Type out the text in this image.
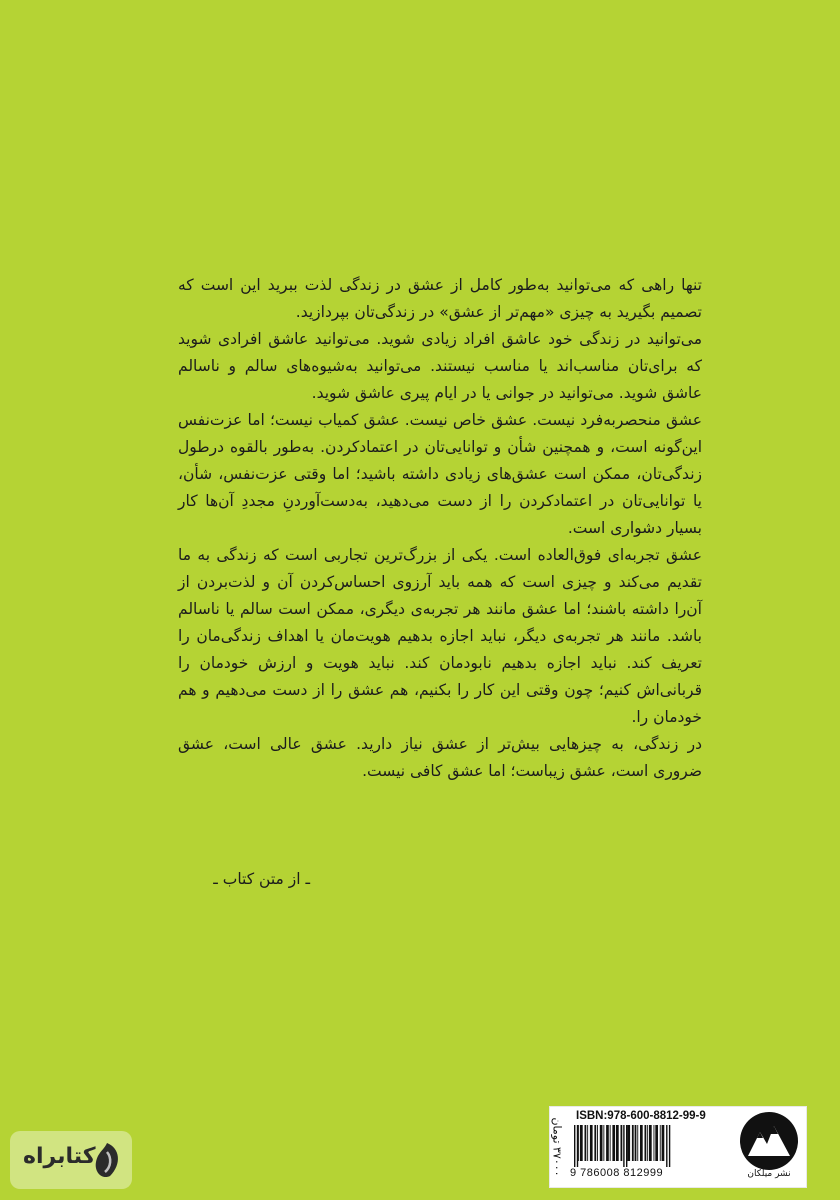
تنها راهی که می‌توانید به‌طور کامل از عشق در زندگی لذت ببرید این است که تصمیم بگیرید به چیزی «مهم‌تر از عشق» در زندگی‌تان بپردازید.

می‌توانید در زندگی خود عاشق افراد زیادی شوید. می‌توانید عاشق افرادی شوید که برای‌تان مناسب‌اند یا مناسب نیستند. می‌توانید به‌شیوه‌های سالم و ناسالم عاشق شوید. می‌توانید در جوانی یا در ایام پیری عاشق شوید.

عشق منحصربه‌فرد نیست. عشق خاص نیست. عشق کمیاب نیست؛ اما عزت‌نفس این‌گونه است، و همچنین شأن و توانایی‌تان در اعتمادکردن. به‌طور بالقوه در‌طول زندگی‌تان، ممکن است عشق‌های زیادی داشته باشید؛ اما وقتی عزت‌نفس، شأن، یا توانایی‌تان در اعتمادکردن را از دست می‌دهید، به‌دست‌آوردنِ مجددِ آن‌ها کار بسیار دشواری است.

عشق تجربه‌ای فوق‌العاده است. یکی از بزرگ‌ترین تجاربی است که زندگی به ما تقدیم می‌کند و چیزی است که همه باید آرزوی احساس‌کردن آن و لذت‌بردن از آن‌را داشته باشند؛ اما عشق مانند هر تجربه‌ی دیگری، ممکن است سالم یا ناسالم باشد. مانند هر تجربه‌ی دیگر، نباید اجازه بدهیم هویت‌مان یا اهداف زندگی‌مان را تعریف کند. نباید اجازه بدهیم نابودمان کند. نباید هویت و ارزش خودمان را قربانی‌اش کنیم؛ چون وقتی این کار را بکنیم، هم عشق را از دست می‌دهیم و هم خودمان را.

در زندگی، به چیزهایی بیش‌تر از عشق نیاز دارید. عشق عالی است، عشق ضروری است، عشق زیباست؛ اما عشق کافی نیست.

ـ از متن کتاب ـ
ISBN:978-600-8812-99-9
9 786008 812999
۳۷۰۰۰ تومان	نشر میلکان
کتابراه
